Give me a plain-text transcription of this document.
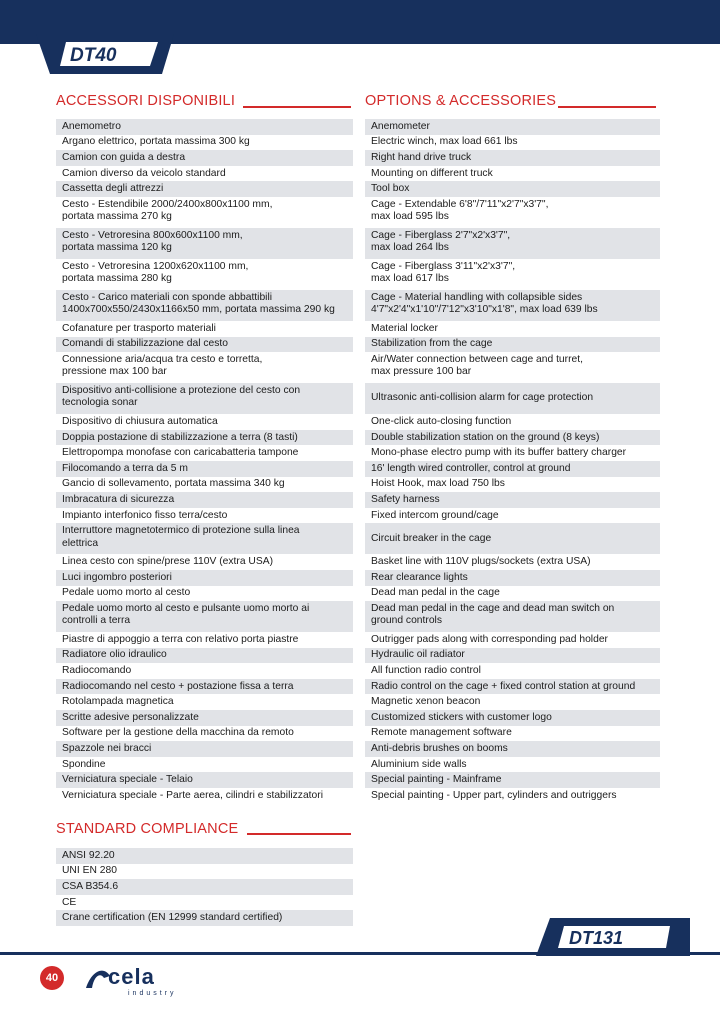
DT40
ACCESSORI DISPONIBILI	OPTIONS & ACCESSORIES
Anemometro
Argano elettrico, portata massima 300 kg
Camion con guida a destra
Camion diverso da veicolo standard
Cassetta degli attrezzi
Cesto - Estendibile 2000/2400x800x1100 mm,
portata massima 270 kg
Cesto - Vetroresina 800x600x1100 mm,
portata massima 120 kg
Cesto - Vetroresina 1200x620x1100 mm,
portata massima 280 kg
Cesto - Carico materiali con sponde abbattibili
1400x700x550/2430x1166x50 mm, portata massima 290 kg
Cofanature per trasporto materiali
Comandi di stabilizzazione dal cesto
Connessione aria/acqua tra cesto e torretta,
pressione max 100 bar
Dispositivo anti-collisione a protezione del cesto con
tecnologia sonar
Dispositivo di chiusura automatica
Doppia postazione di stabilizzazione a terra (8 tasti)
Elettropompa monofase con caricabatteria tampone
Filocomando a terra da 5 m
Gancio di sollevamento, portata massima 340 kg
Imbracatura di sicurezza
Impianto interfonico fisso terra/cesto
Interruttore magnetotermico di protezione sulla linea
elettrica
Linea cesto con spine/prese 110V (extra USA)
Luci ingombro posteriori
Pedale uomo morto al cesto
Pedale uomo morto al cesto e pulsante uomo morto ai
controlli a terra
Piastre di appoggio a terra con relativo porta piastre
Radiatore olio idraulico
Radiocomando
Radiocomando nel cesto + postazione fissa a terra
Rotolampada magnetica
Scritte adesive personalizzate
Software per la gestione della macchina da remoto
Spazzole nei bracci
Spondine
Verniciatura speciale - Telaio
Verniciatura speciale - Parte aerea, cilindri e stabilizzatori
Anemometer
Electric winch, max load 661 lbs
Right hand drive truck
Mounting on different truck
Tool box
Cage - Extendable 6'8"/7'11"x2'7"x3'7",
max load 595 lbs
Cage - Fiberglass 2'7"x2'x3'7",
max load 264 lbs
Cage - Fiberglass 3'11"x2'x3'7",
max load 617 lbs
Cage - Material handling with collapsible sides
4'7"x2'4"x1'10"/7'12"x3'10"x1'8", max load 639 lbs
Material locker
Stabilization from the cage
Air/Water connection between cage and turret,
max pressure 100 bar
Ultrasonic anti-collision alarm for cage protection
One-click auto-closing function
Double stabilization station on the ground (8 keys)
Mono-phase electro pump with its buffer battery charger
16' length wired controller, control at ground
Hoist Hook, max load 750 lbs
Safety harness
Fixed intercom ground/cage
Circuit breaker in the cage
Basket line with 110V plugs/sockets (extra USA)
Rear clearance lights
Dead man pedal in the cage
Dead man pedal in the cage and dead man switch on
ground controls
Outrigger pads along with corresponding pad holder
Hydraulic oil radiator
All function radio control
Radio control on the cage + fixed control station at ground
Magnetic xenon beacon
Customized stickers with customer logo
Remote management software
Anti-debris brushes on booms
Aluminium side walls
Special painting - Mainframe
Special painting - Upper part, cylinders and outriggers
STANDARD COMPLIANCE
ANSI 92.20
UNI EN 280
CSA B354.6
CE
Crane certification (EN 12999 standard certified)
DT131
40 cela
industry
